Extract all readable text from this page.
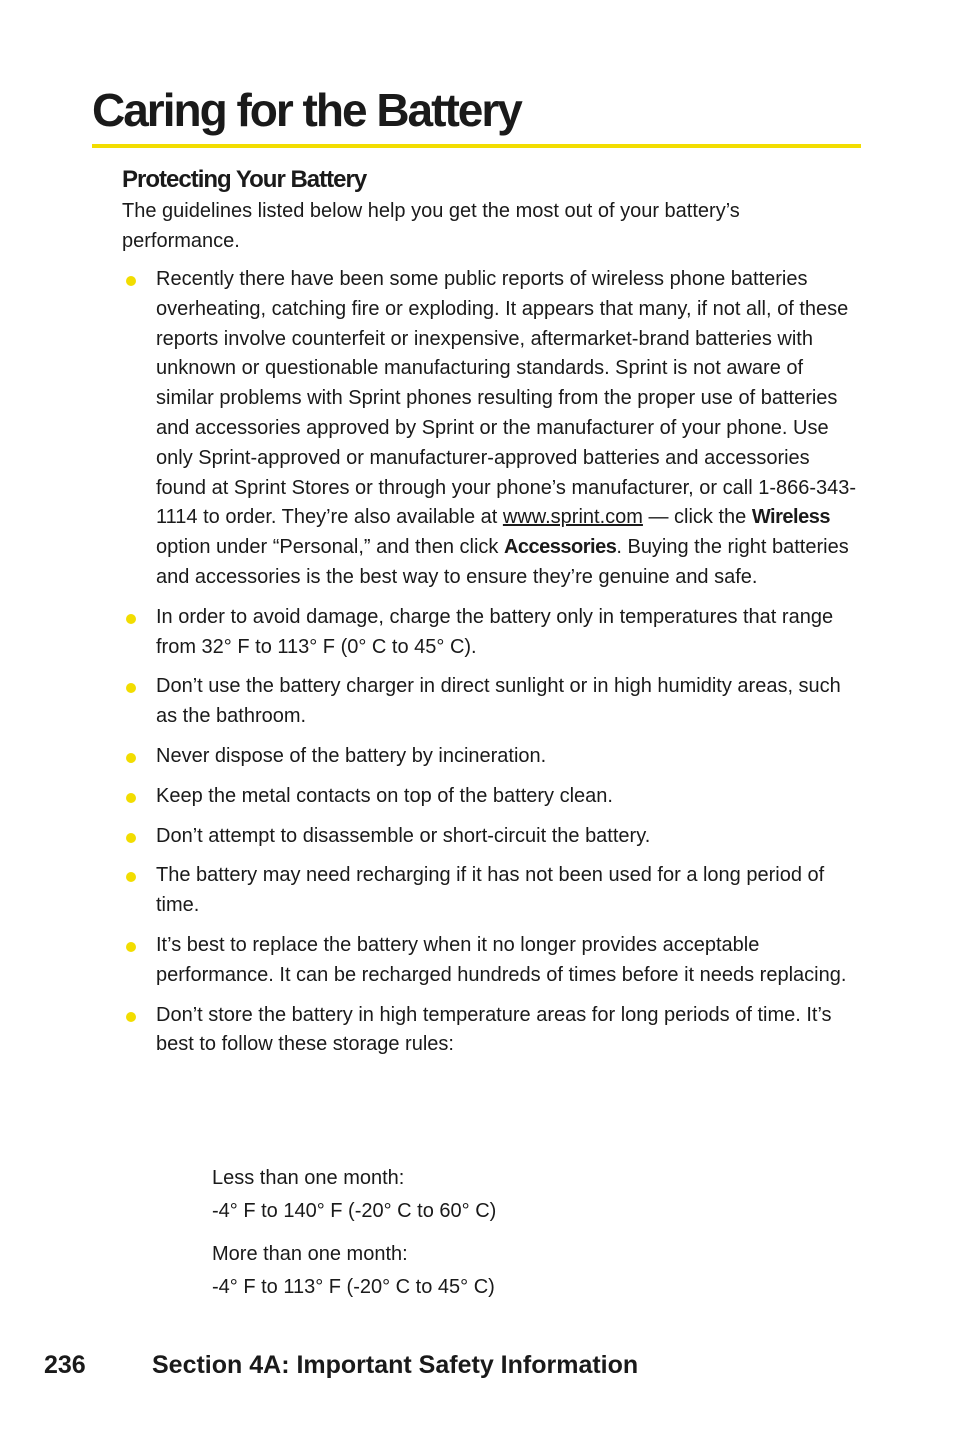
Caring for the Battery
Protecting Your Battery

The guidelines listed below help you get the most out of your battery’s performance.

Recently there have been some public reports of wireless phone batteries overheating, catching fire or exploding. It appears that many, if not all, of these reports involve counterfeit or inexpensive, aftermarket-brand batteries with unknown or questionable manufacturing standards. Sprint is not aware of similar problems with Sprint phones resulting from the proper use of batteries and accessories approved by Sprint or the manufacturer of your phone. Use only Sprint-approved or manufacturer-approved batteries and accessories found at Sprint Stores or through your phone’s manufacturer, or call 1-866-343-1114 to order. They’re also available at www.sprint.com — click the Wireless option under “Personal,” and then click Accessories. Buying the right batteries and accessories is the best way to ensure they’re genuine and safe.
In order to avoid damage, charge the battery only in temperatures that range from 32° F to 113° F (0° C to 45° C).
Don’t use the battery charger in direct sunlight or in high humidity areas, such as the bathroom.
Never dispose of the battery by incineration.
Keep the metal contacts on top of the battery clean.
Don’t attempt to disassemble or short-circuit the battery.
The battery may need recharging if it has not been used for a long period of time.
It’s best to replace the battery when it no longer provides acceptable performance. It can be recharged hundreds of times before it needs replacing.
Don’t store the battery in high temperature areas for long periods of time. It’s best to follow these storage rules:

Less than one month:

-4° F to 140° F (-20° C to 60° C)

More than one month:

-4° F to 113° F (-20° C to 45° C)

236	Section 4A: Important Safety Information
